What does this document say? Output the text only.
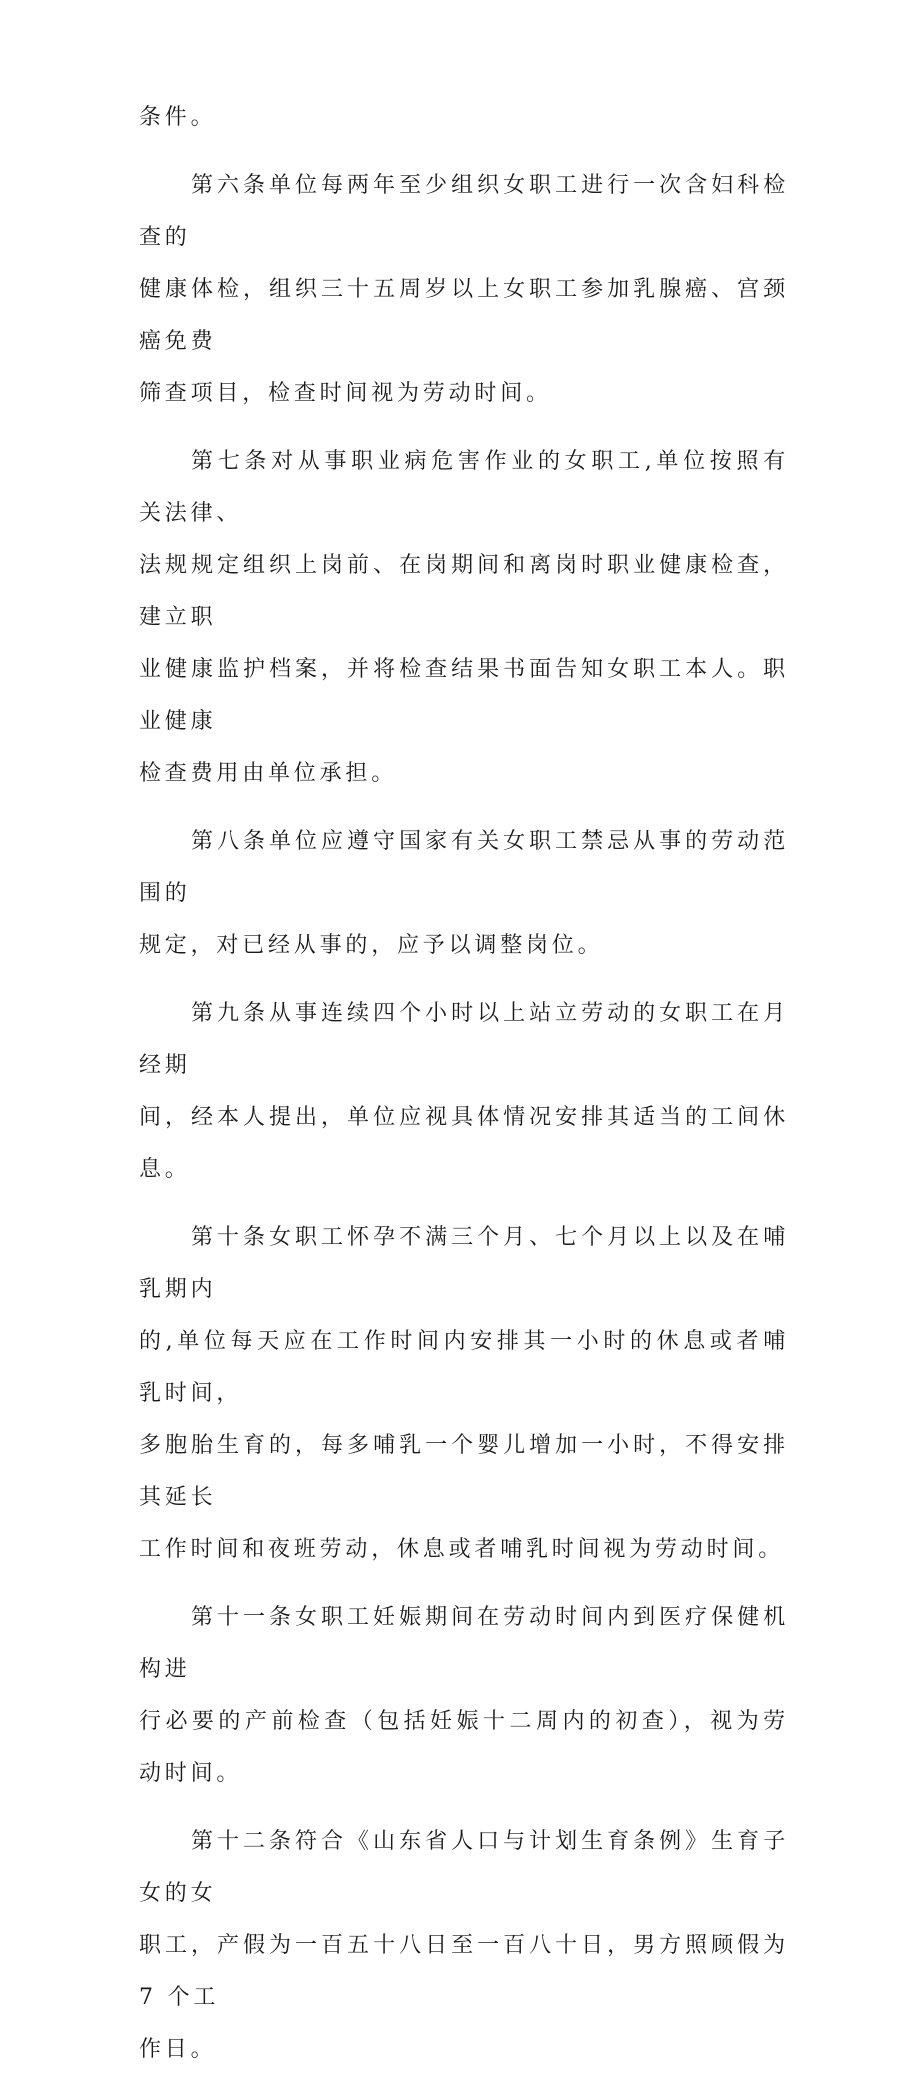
条件。

第六条单位每两年至少组织女职工进行一次含妇科检查的
健康体检，组织三十五周岁以上女职工参加乳腺癌、宫颈癌免费
筛查项目，检查时间视为劳动时间。

第七条对从事职业病危害作业的女职工,单位按照有关法律、
法规规定组织上岗前、在岗期间和离岗时职业健康检查，建立职
业健康监护档案，并将检查结果书面告知女职工本人。职业健康
检查费用由单位承担。

第八条单位应遵守国家有关女职工禁忌从事的劳动范围的
规定，对已经从事的，应予以调整岗位。

第九条从事连续四个小时以上站立劳动的女职工在月经期
间，经本人提出，单位应视具体情况安排其适当的工间休息。

第十条女职工怀孕不满三个月、七个月以上以及在哺乳期内
的,单位每天应在工作时间内安排其一小时的休息或者哺乳时间，
多胞胎生育的，每多哺乳一个婴儿增加一小时，不得安排其延长
工作时间和夜班劳动，休息或者哺乳时间视为劳动时间。

第十一条女职工妊娠期间在劳动时间内到医疗保健机构进
行必要的产前检查（包括妊娠十二周内的初查），视为劳动时间。

第十二条符合《山东省人口与计划生育条例》生育子女的女
职工，产假为一百五十八日至一百八十日，男方照顾假为 7 个工
作日。
